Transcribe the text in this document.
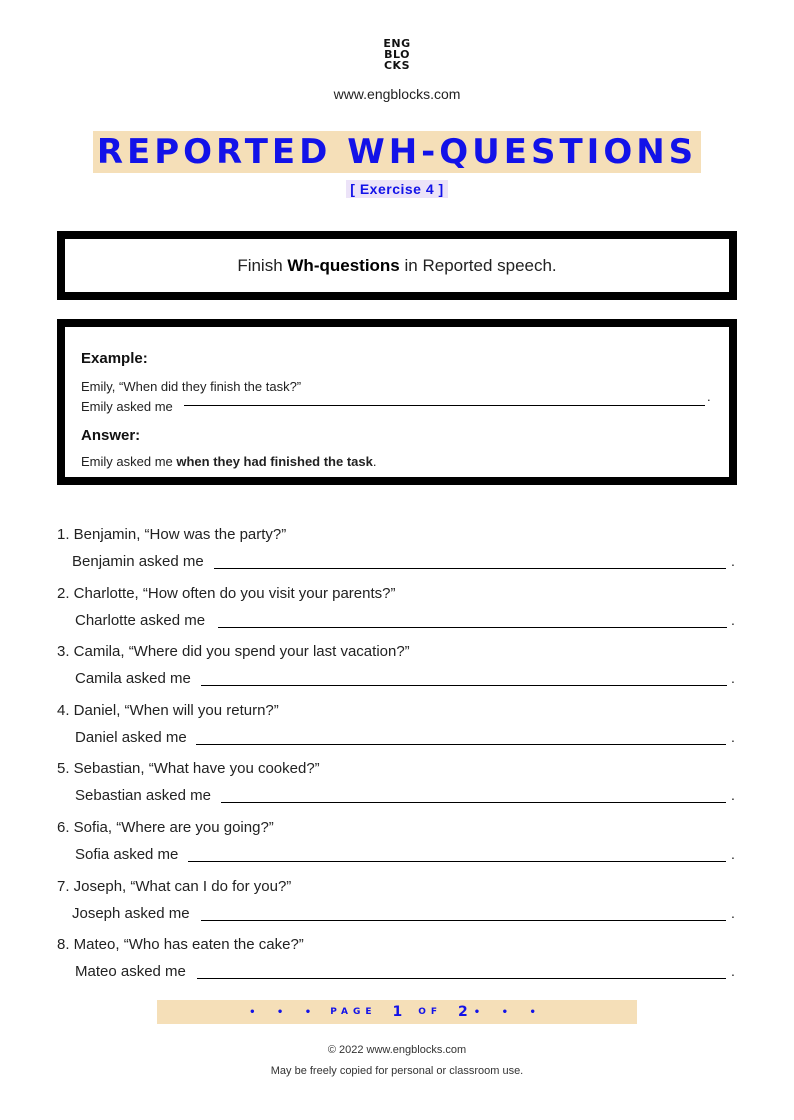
ENG
BLO
CKS
www.engblocks.com
REPORTED WH-QUESTIONS
[ Exercise 4 ]
Finish Wh-questions in Reported speech.
Example:
Emily, “When did they finish the task?”
Emily asked me
.
Answer:
Emily asked me when they had finished the task.
1. Benjamin, “How was the party?”
Benjamin asked me	.
2. Charlotte, “How often do you visit your parents?”
Charlotte asked me	.
3. Camila, “Where did you spend your last vacation?”
Camila asked me	.
4. Daniel, “When will you return?”
Daniel asked me	.
5. Sebastian, “What have you cooked?”
Sebastian asked me	.
6. Sofia, “Where are you going?”
Sofia asked me	.
7. Joseph, “What can I do for you?”
Joseph asked me	.
8. Mateo, “Who has eaten the cake?”
Mateo asked me	.
• • • PAGE 1 OF 2 • • •
© 2022 www.engblocks.com
May be freely copied for personal or classroom use.
